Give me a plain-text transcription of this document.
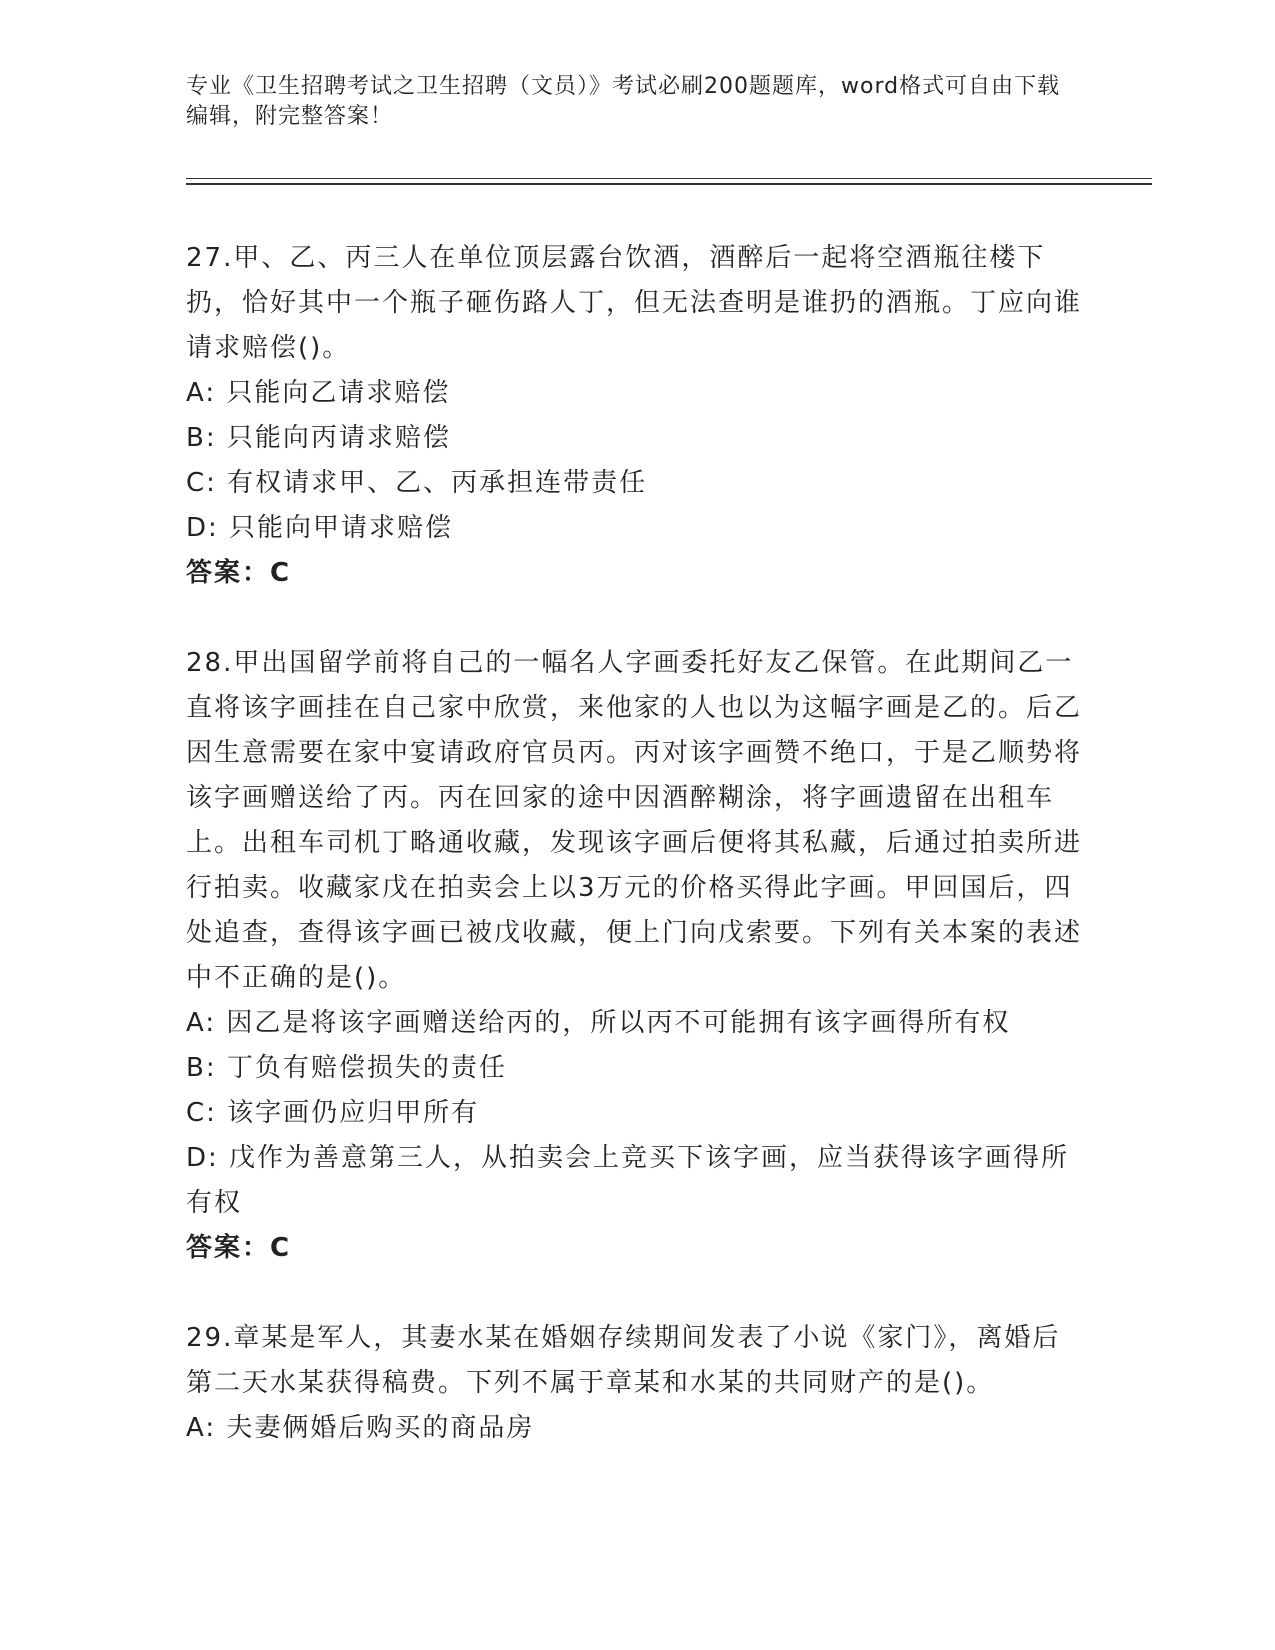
专业《卫生招聘考试之卫生招聘（文员）》考试必刷200题题库，word格式可自由下载编辑，附完整答案！

27.甲、乙、丙三人在单位顶层露台饮酒，酒醉后一起将空酒瓶往楼下扔，恰好其中一个瓶子砸伤路人丁，但无法查明是谁扔的酒瓶。丁应向谁请求赔偿()。

A: 只能向乙请求赔偿

B: 只能向丙请求赔偿

C: 有权请求甲、乙、丙承担连带责任

D: 只能向甲请求赔偿

答案：C

28.甲出国留学前将自己的一幅名人字画委托好友乙保管。在此期间乙一直将该字画挂在自己家中欣赏，来他家的人也以为这幅字画是乙的。后乙因生意需要在家中宴请政府官员丙。丙对该字画赞不绝口，于是乙顺势将该字画赠送给了丙。丙在回家的途中因酒醉糊涂，将字画遗留在出租车上。出租车司机丁略通收藏，发现该字画后便将其私藏，后通过拍卖所进行拍卖。收藏家戊在拍卖会上以3万元的价格买得此字画。甲回国后，四处追查，查得该字画已被戊收藏，便上门向戊索要。下列有关本案的表述中不正确的是()。

A: 因乙是将该字画赠送给丙的，所以丙不可能拥有该字画得所有权

B: 丁负有赔偿损失的责任

C: 该字画仍应归甲所有

D: 戊作为善意第三人，从拍卖会上竞买下该字画，应当获得该字画得所有权

答案：C

29.章某是军人，其妻水某在婚姻存续期间发表了小说《家门》，离婚后第二天水某获得稿费。下列不属于章某和水某的共同财产的是()。

A: 夫妻俩婚后购买的商品房
